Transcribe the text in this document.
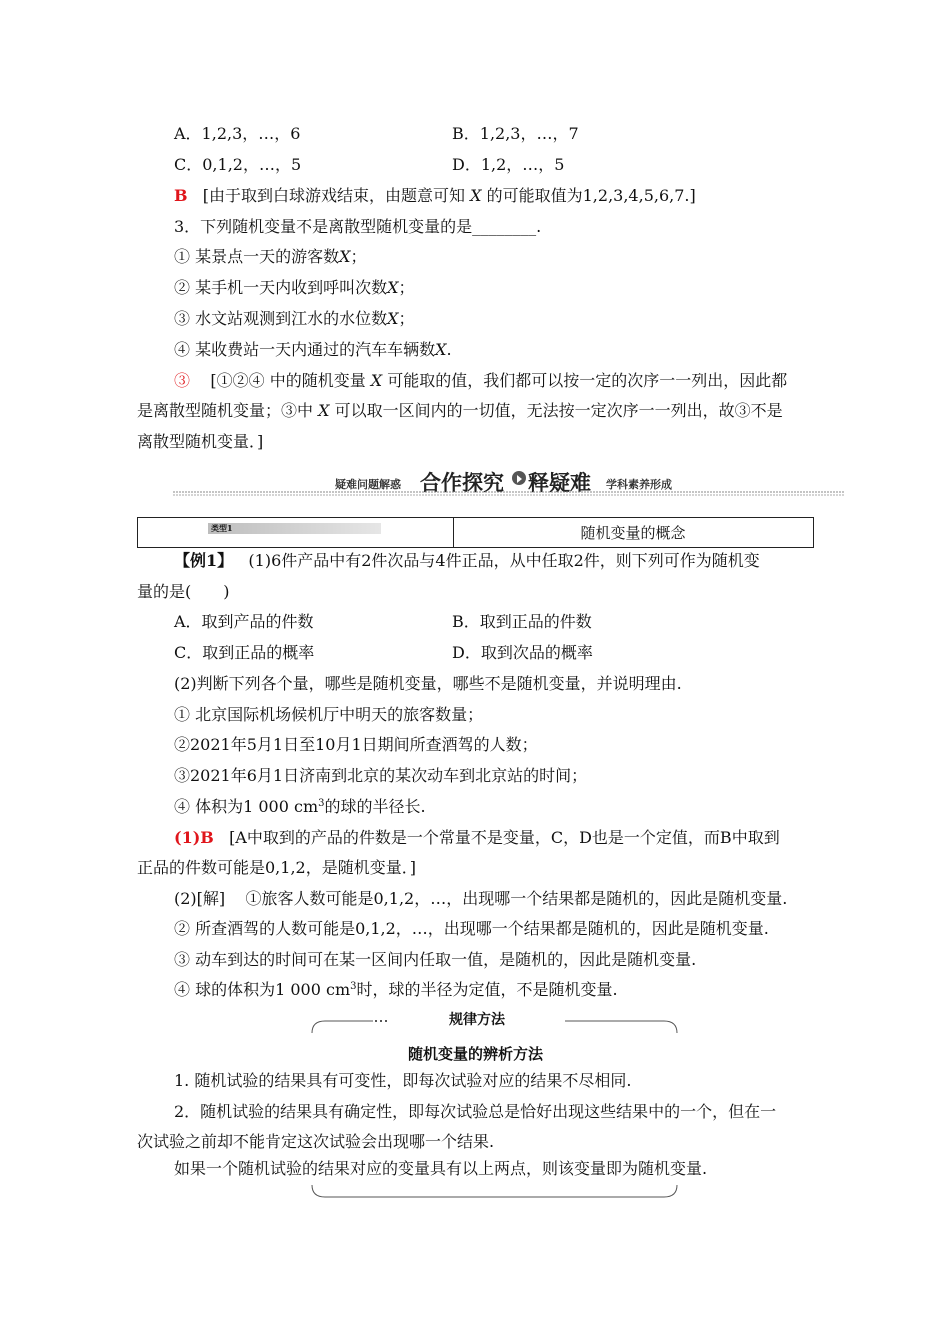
A．1,2,3，…，6	B．1,2,3，…，7
C．0,1,2，…，5	D．1,2，…，5
B [由于取到白球游戏结束，由题意可知 X 的可能取值为1,2,3,4,5,6,7.]
3．下列随机变量不是离散型随机变量的是________.
① 某景点一天的游客数X；
② 某手机一天内收到呼叫次数X；
③ 水文站观测到江水的水位数X；
④ 某收费站一天内通过的汽车车辆数X.
③ [①②④ 中的随机变量 X 可能取的值，我们都可以按一定的次序一一列出，因此都
是离散型随机变量；③中 X 可以取一区间内的一切值，无法按一定次序一一列出，故③不是
离散型随机变量．]
疑难问题解惑 合作探究 释疑难 学科素养形成
类型1	随机变量的概念
【例1】 (1)6件产品中有2件次品与4件正品，从中任取2件，则下列可作为随机变
量的是(　　)
A．取到产品的件数	B．取到正品的件数
C．取到正品的概率	D．取到次品的概率
(2)判断下列各个量，哪些是随机变量，哪些不是随机变量，并说明理由.
① 北京国际机场候机厅中明天的旅客数量；
②2021年5月1日至10月1日期间所查酒驾的人数；
③2021年6月1日济南到北京的某次动车到北京站的时间；
④ 体积为1 000 $cm^3$的球的半径长.
(1)B [A中取到的产品的件数是一个常量不是变量，C，D也是一个定值，而B中取到
正品的件数可能是0,1,2，是随机变量．]
(2)[解] ①旅客人数可能是0,1,2，…，出现哪一个结果都是随机的，因此是随机变量.
② 所查酒驾的人数可能是0,1,2，…，出现哪一个结果都是随机的，因此是随机变量.
③ 动车到达的时间可在某一区间内任取一值，是随机的，因此是随机变量.
④ 球的体积为1 000 $cm^3$时，球的半径为定值，不是随机变量.
规律方法
随机变量的辨析方法
1. 随机试验的结果具有可变性，即每次试验对应的结果不尽相同.
2．随机试验的结果具有确定性，即每次试验总是恰好出现这些结果中的一个，但在一
次试验之前却不能肯定这次试验会出现哪一个结果.
如果一个随机试验的结果对应的变量具有以上两点，则该变量即为随机变量.
